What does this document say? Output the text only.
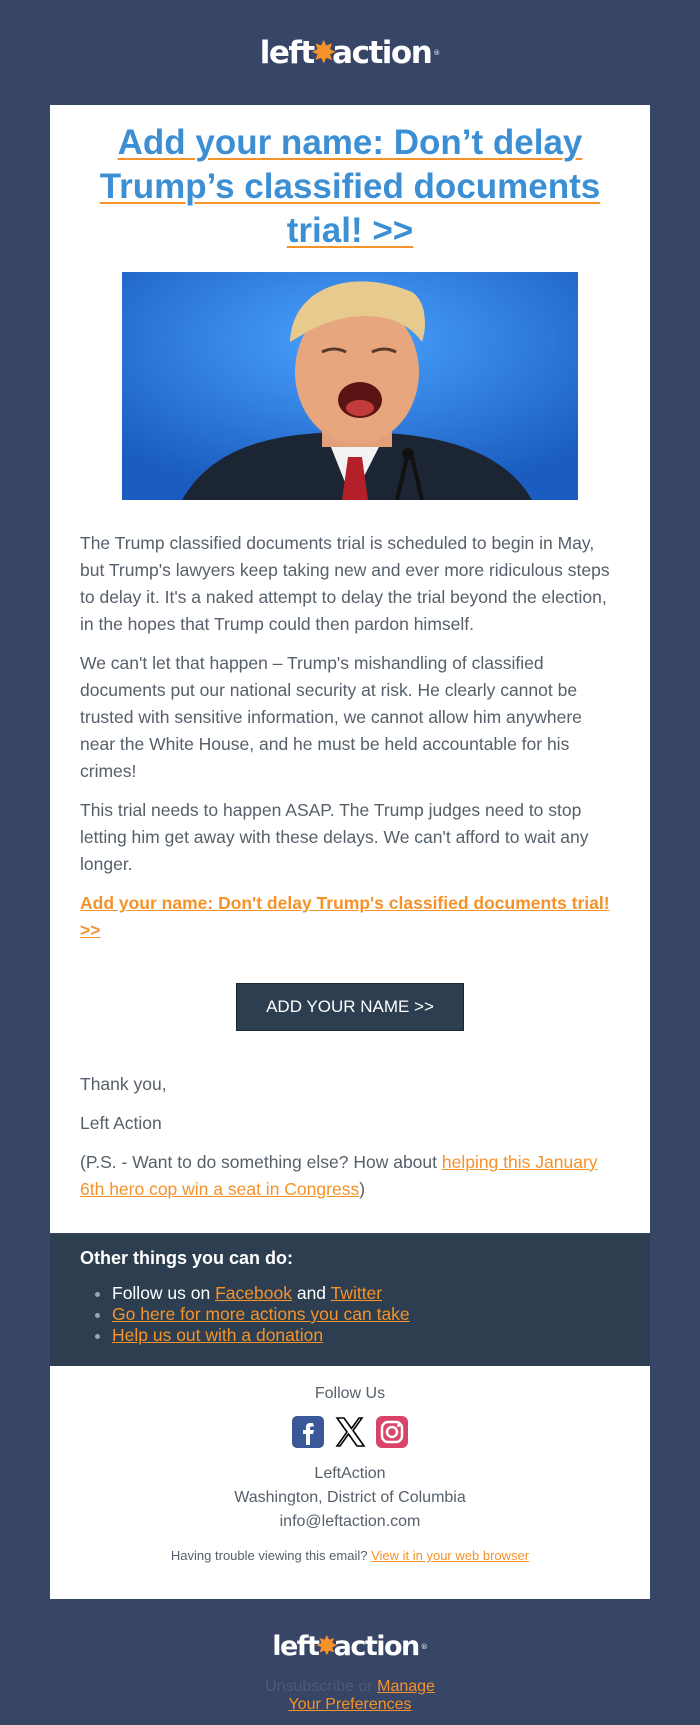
left
✸
action ®
Add your name: Don’t delay Trump’s classified documents trial! >>

The Trump classified documents trial is scheduled to begin in May, but Trump's lawyers keep taking new and ever more ridiculous steps to delay it. It's a naked attempt to delay the trial beyond the election, in the hopes that Trump could then pardon himself.

We can't let that happen – Trump's mishandling of classified documents put our national security at risk. He clearly cannot be trusted with sensitive information, we cannot allow him anywhere near the White House, and he must be held accountable for his crimes!

This trial needs to happen ASAP. The Trump judges need to stop letting him get away with these delays. We can't afford to wait any longer.

Add your name: Don't delay Trump's classified documents trial! >>
ADD YOUR NAME >>

Thank you,

Left Action

(P.S. - Want to do something else? How about helping this January 6th hero cop win a seat in Congress)

Other things you can do:
• Follow us on Facebook and Twitter
• Go here for more actions you can take
• Help us out with a donation
Follow Us
LeftAction
Washington, District of Columbia
info@leftaction.com
Having trouble viewing this email? View it in your web browser
left
✸
action ®
Unsubscribe or Manage
Your Preferences
